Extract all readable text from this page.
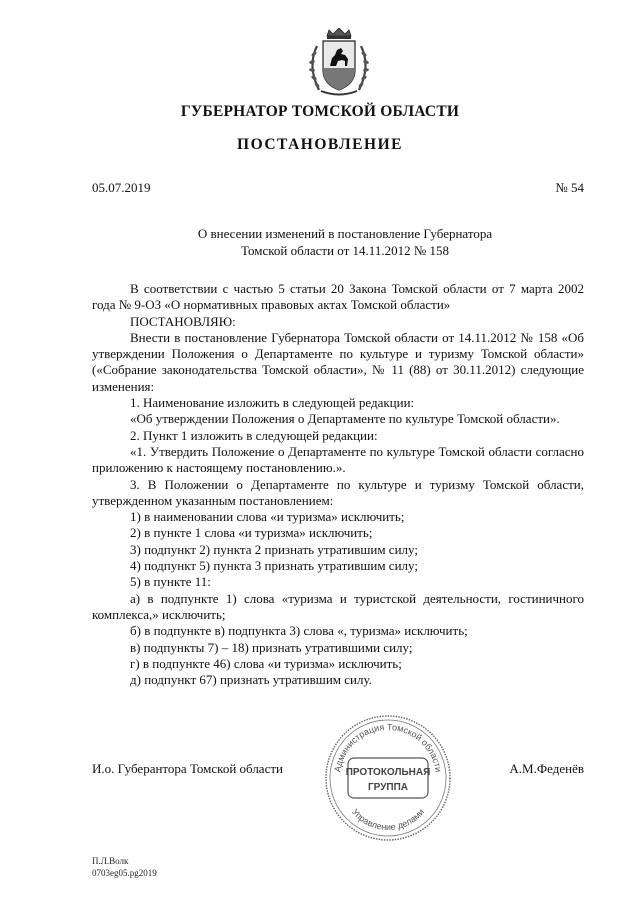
ГУБЕРНАТОР ТОМСКОЙ ОБЛАСТИ
ПОСТАНОВЛЕНИЕ
05.07.2019	№ 54
О внесении изменений в постановление Губернатора
Томской области от 14.11.2012 № 158

В соответствии с частью 5 статьи 20 Закона Томской области от 7 марта 2002 года № 9-ОЗ «О нормативных правовых актах Томской области»

ПОСТАНОВЛЯЮ:

Внести в постановление Губернатора Томской области от 14.11.2012 № 158 «Об утверждении Положения о Департаменте по культуре и туризму Томской области» («Собрание законодательства Томской области», № 11 (88) от 30.11.2012) следующие изменения:

1. Наименование изложить в следующей редакции:

«Об утверждении Положения о Департаменте по культуре Томской области».

2. Пункт 1 изложить в следующей редакции:

«1. Утвердить Положение о Департаменте по культуре Томской области согласно приложению к настоящему постановлению.».

3. В Положении о Департаменте по культуре и туризму Томской области, утвержденном указанным постановлением:

1) в наименовании слова «и туризма» исключить;

2) в пункте 1 слова «и туризма» исключить;

3) подпункт 2) пункта 2 признать утратившим силу;

4) подпункт 5) пункта 3 признать утратившим силу;

5) в пункте 11:

а) в подпункте 1) слова «туризма и туристской деятельности, гостиничного комплекса,» исключить;

б) в подпункте в) подпункта 3) слова «, туризма» исключить;

в) подпункты 7) – 18) признать утратившими силу;

г) в подпункте 46) слова «и туризма» исключить;

д) подпункт 67) признать утратившим силу.

И.о. Губерантора Томской области	А.М.Феденёв
Администрация Томской области
Управление делами
ПРОТОКОЛЬНАЯ
ГРУППА
П.Л.Волк
0703eg05.pg2019
